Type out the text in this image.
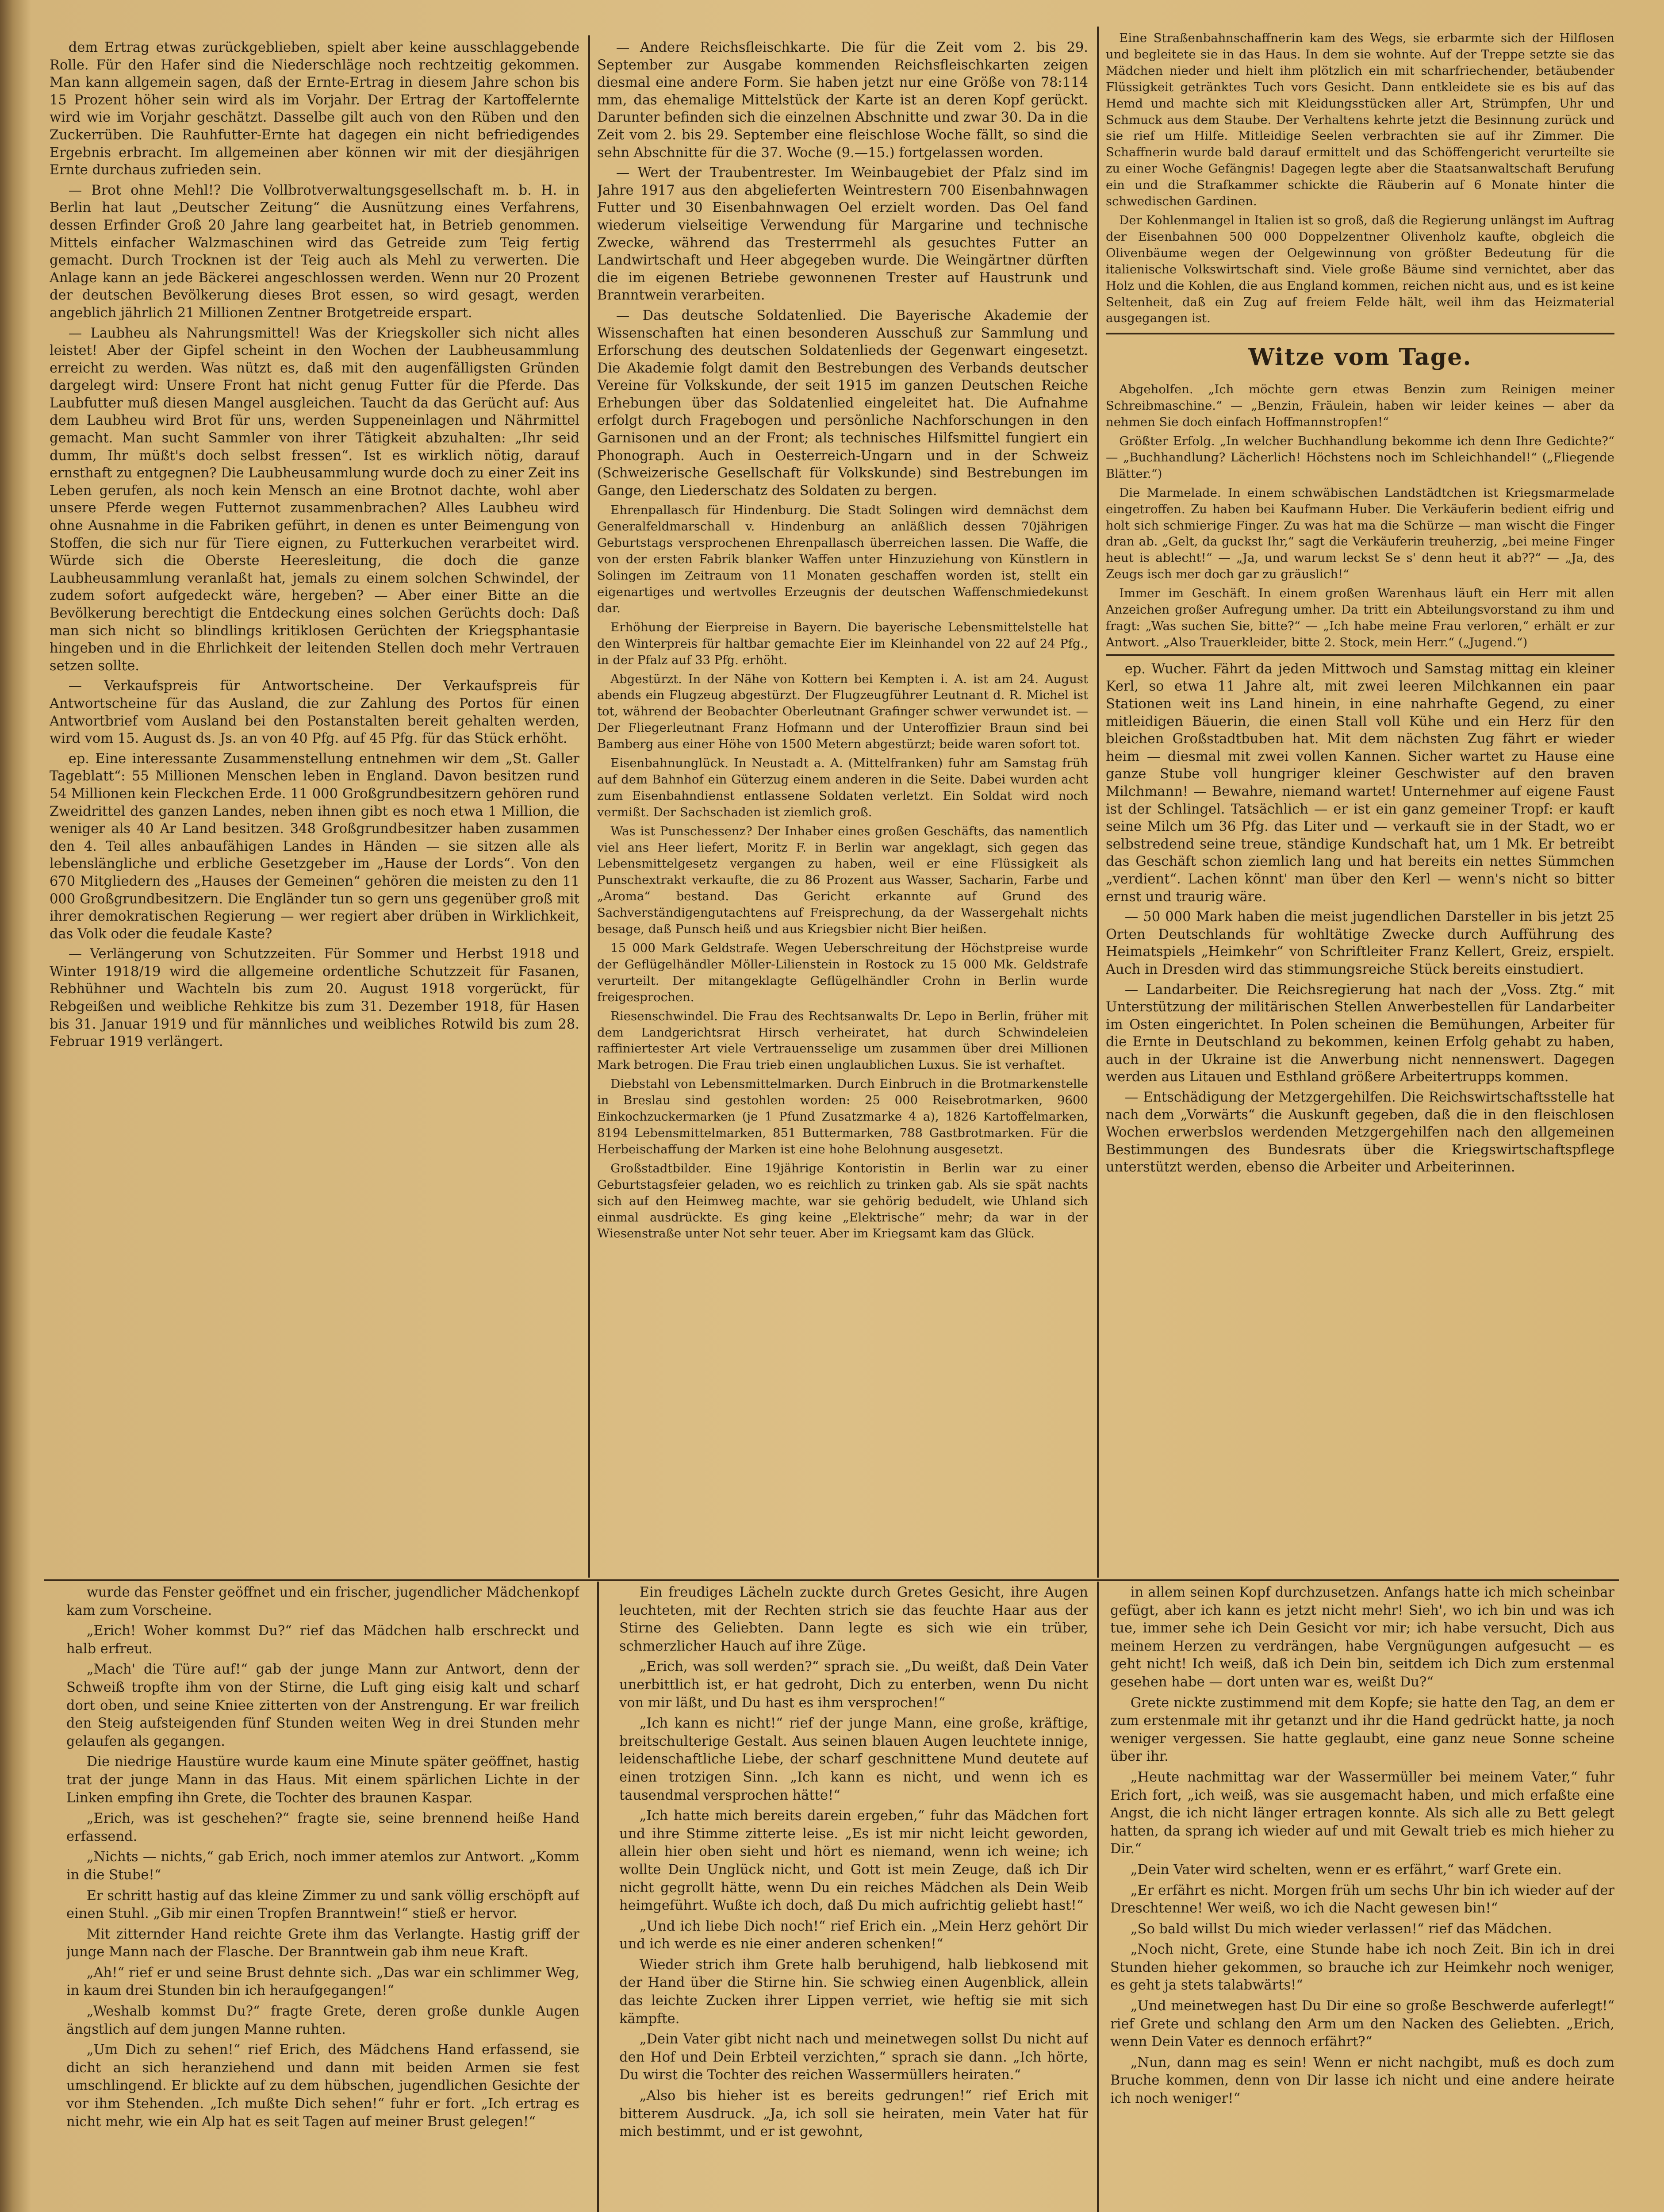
dem Ertrag etwas zurückgeblieben, spielt aber keine ausschlaggebende Rolle. Für den Hafer sind die Niederschläge noch rechtzeitig gekommen. Man kann allgemein sagen, daß der Ernte-Ertrag in diesem Jahre schon bis 15 Prozent höher sein wird als im Vorjahr. Der Ertrag der Kartoffelernte wird wie im Vorjahr geschätzt. Dasselbe gilt auch von den Rüben und den Zuckerrüben. Die Rauhfutter-Ernte hat dagegen ein nicht befriedigendes Ergebnis erbracht. Im allgemeinen aber können wir mit der diesjährigen Ernte durchaus zufrieden sein.

— Brot ohne Mehl!? Die Vollbrotverwaltungsgesellschaft m. b. H. in Berlin hat laut „Deutscher Zeitung“ die Ausnützung eines Verfahrens, dessen Erfinder Groß 20 Jahre lang gearbeitet hat, in Betrieb genommen. Mittels einfacher Walzmaschinen wird das Getreide zum Teig fertig gemacht. Durch Trocknen ist der Teig auch als Mehl zu verwerten. Die Anlage kann an jede Bäckerei angeschlossen werden. Wenn nur 20 Prozent der deutschen Bevölkerung dieses Brot essen, so wird gesagt, werden angeblich jährlich 21 Millionen Zentner Brotgetreide erspart.

— Laubheu als Nahrungsmittel! Was der Kriegskoller sich nicht alles leistet! Aber der Gipfel scheint in den Wochen der Laubheusammlung erreicht zu werden. Was nützt es, daß mit den augenfälligsten Gründen dargelegt wird: Unsere Front hat nicht genug Futter für die Pferde. Das Laubfutter muß diesen Mangel ausgleichen. Taucht da das Gerücht auf: Aus dem Laubheu wird Brot für uns, werden Suppeneinlagen und Nährmittel gemacht. Man sucht Sammler von ihrer Tätigkeit abzuhalten: „Ihr seid dumm, Ihr müßt's doch selbst fressen“. Ist es wirklich nötig, darauf ernsthaft zu entgegnen? Die Laubheusammlung wurde doch zu einer Zeit ins Leben gerufen, als noch kein Mensch an eine Brotnot dachte, wohl aber unsere Pferde wegen Futternot zusammenbrachen? Alles Laubheu wird ohne Ausnahme in die Fabriken geführt, in denen es unter Beimengung von Stoffen, die sich nur für Tiere eignen, zu Futterkuchen verarbeitet wird. Würde sich die Oberste Heeresleitung, die doch die ganze Laubheusammlung veranlaßt hat, jemals zu einem solchen Schwindel, der zudem sofort aufgedeckt wäre, hergeben? — Aber einer Bitte an die Bevölkerung berechtigt die Entdeckung eines solchen Gerüchts doch: Daß man sich nicht so blindlings kritiklosen Gerüchten der Kriegsphantasie hingeben und in die Ehrlichkeit der leitenden Stellen doch mehr Vertrauen setzen sollte.

— Verkaufspreis für Antwortscheine. Der Verkaufspreis für Antwortscheine für das Ausland, die zur Zahlung des Portos für einen Antwortbrief vom Ausland bei den Postanstalten bereit gehalten werden, wird vom 15. August ds. Js. an von 40 Pfg. auf 45 Pfg. für das Stück erhöht.

ep. Eine interessante Zusammenstellung entnehmen wir dem „St. Galler Tageblatt“: 55 Millionen Menschen leben in England. Davon besitzen rund 54 Millionen kein Fleckchen Erde. 11 000 Großgrundbesitzern gehören rund Zweidrittel des ganzen Landes, neben ihnen gibt es noch etwa 1 Million, die weniger als 40 Ar Land besitzen. 348 Großgrundbesitzer haben zusammen den 4. Teil alles anbaufähigen Landes in Händen — sie sitzen alle als lebenslängliche und erbliche Gesetzgeber im „Hause der Lords“. Von den 670 Mitgliedern des „Hauses der Gemeinen“ gehören die meisten zu den 11 000 Großgrundbesitzern. Die Engländer tun so gern uns gegenüber groß mit ihrer demokratischen Regierung — wer regiert aber drüben in Wirklichkeit, das Volk oder die feudale Kaste?

— Verlängerung von Schutzzeiten. Für Sommer und Herbst 1918 und Winter 1918/19 wird die allgemeine ordentliche Schutzzeit für Fasanen, Rebhühner und Wachteln bis zum 20. August 1918 vorgerückt, für Rebgeißen und weibliche Rehkitze bis zum 31. Dezember 1918, für Hasen bis 31. Januar 1919 und für männliches und weibliches Rotwild bis zum 28. Februar 1919 verlängert.

— Andere Reichsfleischkarte. Die für die Zeit vom 2. bis 29. September zur Ausgabe kommenden Reichsfleischkarten zeigen diesmal eine andere Form. Sie haben jetzt nur eine Größe von 78:114 mm, das ehemalige Mittelstück der Karte ist an deren Kopf gerückt. Darunter befinden sich die einzelnen Abschnitte und zwar 30. Da in die Zeit vom 2. bis 29. September eine fleischlose Woche fällt, so sind die sehn Abschnitte für die 37. Woche (9.—15.) fortgelassen worden.

— Wert der Traubentrester. Im Weinbaugebiet der Pfalz sind im Jahre 1917 aus den abgelieferten Weintrestern 700 Eisenbahnwagen Futter und 30 Eisenbahnwagen Oel erzielt worden. Das Oel fand wiederum vielseitige Verwendung für Margarine und technische Zwecke, während das Tresterrmehl als gesuchtes Futter an Landwirtschaft und Heer abgegeben wurde. Die Weingärtner dürften die im eigenen Betriebe gewonnenen Trester auf Haustrunk und Branntwein verarbeiten.

— Das deutsche Soldatenlied. Die Bayerische Akademie der Wissenschaften hat einen besonderen Ausschuß zur Sammlung und Erforschung des deutschen Soldatenlieds der Gegenwart eingesetzt. Die Akademie folgt damit den Bestrebungen des Verbands deutscher Vereine für Volkskunde, der seit 1915 im ganzen Deutschen Reiche Erhebungen über das Soldatenlied eingeleitet hat. Die Aufnahme erfolgt durch Fragebogen und persönliche Nachforschungen in den Garnisonen und an der Front; als technisches Hilfsmittel fungiert ein Phonograph. Auch in Oesterreich-Ungarn und in der Schweiz (Schweizerische Gesellschaft für Volkskunde) sind Bestrebungen im Gange, den Liederschatz des Soldaten zu bergen.

Ehrenpallasch für Hindenburg. Die Stadt Solingen wird demnächst dem Generalfeldmarschall v. Hindenburg an anläßlich dessen 70jährigen Geburtstags versprochenen Ehrenpallasch überreichen lassen. Die Waffe, die von der ersten Fabrik blanker Waffen unter Hinzuziehung von Künstlern in Solingen im Zeitraum von 11 Monaten geschaffen worden ist, stellt ein eigenartiges und wertvolles Erzeugnis der deutschen Waffenschmiedekunst dar.

Erhöhung der Eierpreise in Bayern. Die bayerische Lebensmittelstelle hat den Winterpreis für haltbar gemachte Eier im Kleinhandel von 22 auf 24 Pfg., in der Pfalz auf 33 Pfg. erhöht.

Abgestürzt. In der Nähe von Kottern bei Kempten i. A. ist am 24. August abends ein Flugzeug abgestürzt. Der Flugzeugführer Leutnant d. R. Michel ist tot, während der Beobachter Oberleutnant Grafinger schwer verwundet ist. — Der Fliegerleutnant Franz Hofmann und der Unteroffizier Braun sind bei Bamberg aus einer Höhe von 1500 Metern abgestürzt; beide waren sofort tot.

Eisenbahnunglück. In Neustadt a. A. (Mittelfranken) fuhr am Samstag früh auf dem Bahnhof ein Güterzug einem anderen in die Seite. Dabei wurden acht zum Eisenbahndienst entlassene Soldaten verletzt. Ein Soldat wird noch vermißt. Der Sachschaden ist ziemlich groß.

Was ist Punschessenz? Der Inhaber eines großen Geschäfts, das namentlich viel ans Heer liefert, Moritz F. in Berlin war angeklagt, sich gegen das Lebensmittelgesetz vergangen zu haben, weil er eine Flüssigkeit als Punschextrakt verkaufte, die zu 86 Prozent aus Wasser, Sacharin, Farbe und „Aroma“ bestand. Das Gericht erkannte auf Grund des Sachverständigengutachtens auf Freisprechung, da der Wassergehalt nichts besage, daß Punsch heiß und aus Kriegsbier nicht Bier heißen.

15 000 Mark Geldstrafe. Wegen Ueberschreitung der Höchstpreise wurde der Geflügelhändler Möller-Lilienstein in Rostock zu 15 000 Mk. Geldstrafe verurteilt. Der mitangeklagte Geflügelhändler Crohn in Berlin wurde freigesprochen.

Riesenschwindel. Die Frau des Rechtsanwalts Dr. Lepo in Berlin, früher mit dem Landgerichtsrat Hirsch verheiratet, hat durch Schwindeleien raffiniertester Art viele Vertrauensselige um zusammen über drei Millionen Mark betrogen. Die Frau trieb einen unglaublichen Luxus. Sie ist verhaftet.

Diebstahl von Lebensmittelmarken. Durch Einbruch in die Brotmarkenstelle in Breslau sind gestohlen worden: 25 000 Reisebrotmarken, 9600 Einkochzuckermarken (je 1 Pfund Zusatzmarke 4 a), 1826 Kartoffelmarken, 8194 Lebensmittelmarken, 851 Buttermarken, 788 Gastbrotmarken. Für die Herbeischaffung der Marken ist eine hohe Belohnung ausgesetzt.

Großstadtbilder. Eine 19jährige Kontoristin in Berlin war zu einer Geburtstagsfeier geladen, wo es reichlich zu trinken gab. Als sie spät nachts sich auf den Heimweg machte, war sie gehörig bedudelt, wie Uhland sich einmal ausdrückte. Es ging keine „Elektrische“ mehr; da war in der Wiesenstraße unter Not sehr teuer. Aber im Kriegsamt kam das Glück.

Eine Straßenbahnschaffnerin kam des Wegs, sie erbarmte sich der Hilflosen und begleitete sie in das Haus. In dem sie wohnte. Auf der Treppe setzte sie das Mädchen nieder und hielt ihm plötzlich ein mit scharfriechender, betäubender Flüssigkeit getränktes Tuch vors Gesicht. Dann entkleidete sie es bis auf das Hemd und machte sich mit Kleidungsstücken aller Art, Strümpfen, Uhr und Schmuck aus dem Staube. Der Verhaltens kehrte jetzt die Besinnung zurück und sie rief um Hilfe. Mitleidige Seelen verbrachten sie auf ihr Zimmer. Die Schaffnerin wurde bald darauf ermittelt und das Schöffengericht verurteilte sie zu einer Woche Gefängnis! Dagegen legte aber die Staatsanwaltschaft Berufung ein und die Strafkammer schickte die Räuberin auf 6 Monate hinter die schwedischen Gardinen.

Der Kohlenmangel in Italien ist so groß, daß die Regierung unlängst im Auftrag der Eisenbahnen 500 000 Doppelzentner Olivenholz kaufte, obgleich die Olivenbäume wegen der Oelgewinnung von größter Bedeutung für die italienische Volkswirtschaft sind. Viele große Bäume sind vernichtet, aber das Holz und die Kohlen, die aus England kommen, reichen nicht aus, und es ist keine Seltenheit, daß ein Zug auf freiem Felde hält, weil ihm das Heizmaterial ausgegangen ist.

Witze vom Tage.

Abgeholfen. „Ich möchte gern etwas Benzin zum Reinigen meiner Schreibmaschine.“ — „Benzin, Fräulein, haben wir leider keines — aber da nehmen Sie doch einfach Hoffmannstropfen!“

Größter Erfolg. „In welcher Buchhandlung bekomme ich denn Ihre Gedichte?“ — „Buchhandlung? Lächerlich! Höchstens noch im Schleichhandel!“ („Fliegende Blätter.“)

Die Marmelade. In einem schwäbischen Landstädtchen ist Kriegsmarmelade eingetroffen. Zu haben bei Kaufmann Huber. Die Verkäuferin bedient eifrig und holt sich schmierige Finger. Zu was hat ma die Schürze — man wischt die Finger dran ab. „Gelt, da guckst Ihr,“ sagt die Verkäuferin treuherzig, „bei meine Finger heut is ablecht!“ — „Ja, und warum leckst Se s' denn heut it ab??“ — „Ja, des Zeugs isch mer doch gar zu gräuslich!“

Immer im Geschäft. In einem großen Warenhaus läuft ein Herr mit allen Anzeichen großer Aufregung umher. Da tritt ein Abteilungsvorstand zu ihm und fragt: „Was suchen Sie, bitte?“ — „Ich habe meine Frau verloren,“ erhält er zur Antwort. „Also Trauerkleider, bitte 2. Stock, mein Herr.“ („Jugend.“)

ep. Wucher. Fährt da jeden Mittwoch und Samstag mittag ein kleiner Kerl, so etwa 11 Jahre alt, mit zwei leeren Milchkannen ein paar Stationen weit ins Land hinein, in eine nahrhafte Gegend, zu einer mitleidigen Bäuerin, die einen Stall voll Kühe und ein Herz für den bleichen Großstadtbuben hat. Mit dem nächsten Zug fährt er wieder heim — diesmal mit zwei vollen Kannen. Sicher wartet zu Hause eine ganze Stube voll hungriger kleiner Geschwister auf den braven Milchmann! — Bewahre, niemand wartet! Unternehmer auf eigene Faust ist der Schlingel. Tatsächlich — er ist ein ganz gemeiner Tropf: er kauft seine Milch um 36 Pfg. das Liter und — verkauft sie in der Stadt, wo er selbstredend seine treue, ständige Kundschaft hat, um 1 Mk. Er betreibt das Geschäft schon ziemlich lang und hat bereits ein nettes Sümmchen „verdient“. Lachen könnt' man über den Kerl — wenn's nicht so bitter ernst und traurig wäre.

— 50 000 Mark haben die meist jugendlichen Darsteller in bis jetzt 25 Orten Deutschlands für wohltätige Zwecke durch Aufführung des Heimatspiels „Heimkehr“ von Schriftleiter Franz Kellert, Greiz, erspielt. Auch in Dresden wird das stimmungsreiche Stück bereits einstudiert.

— Landarbeiter. Die Reichsregierung hat nach der „Voss. Ztg.“ mit Unterstützung der militärischen Stellen Anwerbestellen für Landarbeiter im Osten eingerichtet. In Polen scheinen die Bemühungen, Arbeiter für die Ernte in Deutschland zu bekommen, keinen Erfolg gehabt zu haben, auch in der Ukraine ist die Anwerbung nicht nennenswert. Dagegen werden aus Litauen und Esthland größere Arbeitertrupps kommen.

— Entschädigung der Metzgergehilfen. Die Reichswirtschaftsstelle hat nach dem „Vorwärts“ die Auskunft gegeben, daß die in den fleischlosen Wochen erwerbslos werdenden Metzgergehilfen nach den allgemeinen Bestimmungen des Bundesrats über die Kriegswirtschaftspflege unterstützt werden, ebenso die Arbeiter und Arbeiterinnen.

wurde das Fenster geöffnet und ein frischer, jugendlicher Mädchenkopf kam zum Vorscheine.

„Erich! Woher kommst Du?“ rief das Mädchen halb erschreckt und halb erfreut.

„Mach' die Türe auf!“ gab der junge Mann zur Antwort, denn der Schweiß tropfte ihm von der Stirne, die Luft ging eisig kalt und scharf dort oben, und seine Kniee zitterten von der Anstrengung. Er war freilich den Steig aufsteigenden fünf Stunden weiten Weg in drei Stunden mehr gelaufen als gegangen.

Die niedrige Haustüre wurde kaum eine Minute später geöffnet, hastig trat der junge Mann in das Haus. Mit einem spärlichen Lichte in der Linken empfing ihn Grete, die Tochter des braunen Kaspar.

„Erich, was ist geschehen?“ fragte sie, seine brennend heiße Hand erfassend.

„Nichts — nichts,“ gab Erich, noch immer atemlos zur Antwort. „Komm in die Stube!“

Er schritt hastig auf das kleine Zimmer zu und sank völlig erschöpft auf einen Stuhl. „Gib mir einen Tropfen Branntwein!“ stieß er hervor.

Mit zitternder Hand reichte Grete ihm das Verlangte. Hastig griff der junge Mann nach der Flasche. Der Branntwein gab ihm neue Kraft.

„Ah!“ rief er und seine Brust dehnte sich. „Das war ein schlimmer Weg, in kaum drei Stunden bin ich heraufgegangen!“

„Weshalb kommst Du?“ fragte Grete, deren große dunkle Augen ängstlich auf dem jungen Manne ruhten.

„Um Dich zu sehen!“ rief Erich, des Mädchens Hand erfassend, sie dicht an sich heranziehend und dann mit beiden Armen sie fest umschlingend. Er blickte auf zu dem hübschen, jugendlichen Gesichte der vor ihm Stehenden. „Ich mußte Dich sehen!“ fuhr er fort. „Ich ertrag es nicht mehr, wie ein Alp hat es seit Tagen auf meiner Brust gelegen!“

Ein freudiges Lächeln zuckte durch Gretes Gesicht, ihre Augen leuchteten, mit der Rechten strich sie das feuchte Haar aus der Stirne des Geliebten. Dann legte es sich wie ein trüber, schmerzlicher Hauch auf ihre Züge.

„Erich, was soll werden?“ sprach sie. „Du weißt, daß Dein Vater unerbittlich ist, er hat gedroht, Dich zu enterben, wenn Du nicht von mir läßt, und Du hast es ihm versprochen!“

„Ich kann es nicht!“ rief der junge Mann, eine große, kräftige, breitschulterige Gestalt. Aus seinen blauen Augen leuchtete innige, leidenschaftliche Liebe, der scharf geschnittene Mund deutete auf einen trotzigen Sinn. „Ich kann es nicht, und wenn ich es tausendmal versprochen hätte!“

„Ich hatte mich bereits darein ergeben,“ fuhr das Mädchen fort und ihre Stimme zitterte leise. „Es ist mir nicht leicht geworden, allein hier oben sieht und hört es niemand, wenn ich weine; ich wollte Dein Unglück nicht, und Gott ist mein Zeuge, daß ich Dir nicht gegrollt hätte, wenn Du ein reiches Mädchen als Dein Weib heimgeführt. Wußte ich doch, daß Du mich aufrichtig geliebt hast!“

„Und ich liebe Dich noch!“ rief Erich ein. „Mein Herz gehört Dir und ich werde es nie einer anderen schenken!“

Wieder strich ihm Grete halb beruhigend, halb liebkosend mit der Hand über die Stirne hin. Sie schwieg einen Augenblick, allein das leichte Zucken ihrer Lippen verriet, wie heftig sie mit sich kämpfte.

„Dein Vater gibt nicht nach und meinetwegen sollst Du nicht auf den Hof und Dein Erbteil verzichten,“ sprach sie dann. „Ich hörte, Du wirst die Tochter des reichen Wassermüllers heiraten.“

„Also bis hieher ist es bereits gedrungen!“ rief Erich mit bitterem Ausdruck. „Ja, ich soll sie heiraten, mein Vater hat für mich bestimmt, und er ist gewohnt,

in allem seinen Kopf durchzusetzen. Anfangs hatte ich mich scheinbar gefügt, aber ich kann es jetzt nicht mehr! Sieh', wo ich bin und was ich tue, immer sehe ich Dein Gesicht vor mir; ich habe versucht, Dich aus meinem Herzen zu verdrängen, habe Vergnügungen aufgesucht — es geht nicht! Ich weiß, daß ich Dein bin, seitdem ich Dich zum erstenmal gesehen habe — dort unten war es, weißt Du?“

Grete nickte zustimmend mit dem Kopfe; sie hatte den Tag, an dem er zum erstenmale mit ihr getanzt und ihr die Hand gedrückt hatte, ja noch weniger vergessen. Sie hatte geglaubt, eine ganz neue Sonne scheine über ihr.

„Heute nachmittag war der Wassermüller bei meinem Vater,“ fuhr Erich fort, „ich weiß, was sie ausgemacht haben, und mich erfaßte eine Angst, die ich nicht länger ertragen konnte. Als sich alle zu Bett gelegt hatten, da sprang ich wieder auf und mit Gewalt trieb es mich hieher zu Dir.“

„Dein Vater wird schelten, wenn er es erfährt,“ warf Grete ein.

„Er erfährt es nicht. Morgen früh um sechs Uhr bin ich wieder auf der Dreschtenne! Wer weiß, wo ich die Nacht gewesen bin!“

„So bald willst Du mich wieder verlassen!“ rief das Mädchen.

„Noch nicht, Grete, eine Stunde habe ich noch Zeit. Bin ich in drei Stunden hieher gekommen, so brauche ich zur Heimkehr noch weniger, es geht ja stets talabwärts!“

„Und meinetwegen hast Du Dir eine so große Beschwerde auferlegt!“ rief Grete und schlang den Arm um den Nacken des Geliebten. „Erich, wenn Dein Vater es dennoch erfährt?“

„Nun, dann mag es sein! Wenn er nicht nachgibt, muß es doch zum Bruche kommen, denn von Dir lasse ich nicht und eine andere heirate ich noch weniger!“
